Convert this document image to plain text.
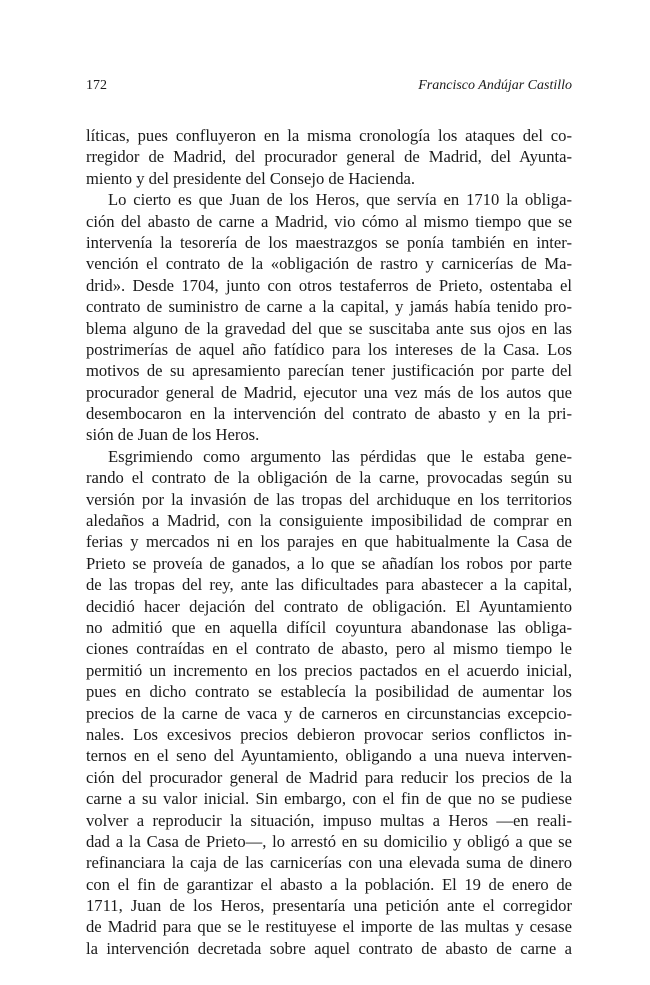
172	Francisco Andújar Castillo
líticas, pues confluyeron en la misma cronología los ataques del co-
rregidor de Madrid, del procurador general de Madrid, del Ayunta-
miento y del presidente del Consejo de Hacienda.
Lo cierto es que Juan de los Heros, que servía en 1710 la obliga-
ción del abasto de carne a Madrid, vio cómo al mismo tiempo que se
intervenía la tesorería de los maestrazgos se ponía también en inter-
vención el contrato de la «obligación de rastro y carnicerías de Ma-
drid». Desde 1704, junto con otros testaferros de Prieto, ostentaba el
contrato de suministro de carne a la capital, y jamás había tenido pro-
blema alguno de la gravedad del que se suscitaba ante sus ojos en las
postrimerías de aquel año fatídico para los intereses de la Casa. Los
motivos de su apresamiento parecían tener justificación por parte del
procurador general de Madrid, ejecutor una vez más de los autos que
desembocaron en la intervención del contrato de abasto y en la pri-
sión de Juan de los Heros.
Esgrimiendo como argumento las pérdidas que le estaba gene-
rando el contrato de la obligación de la carne, provocadas según su
versión por la invasión de las tropas del archiduque en los territorios
aledaños a Madrid, con la consiguiente imposibilidad de comprar en
ferias y mercados ni en los parajes en que habitualmente la Casa de
Prieto se proveía de ganados, a lo que se añadían los robos por parte
de las tropas del rey, ante las dificultades para abastecer a la capital,
decidió hacer dejación del contrato de obligación. El Ayuntamiento
no admitió que en aquella difícil coyuntura abandonase las obliga-
ciones contraídas en el contrato de abasto, pero al mismo tiempo le
permitió un incremento en los precios pactados en el acuerdo inicial,
pues en dicho contrato se establecía la posibilidad de aumentar los
precios de la carne de vaca y de carneros en circunstancias excepcio-
nales. Los excesivos precios debieron provocar serios conflictos in-
ternos en el seno del Ayuntamiento, obligando a una nueva interven-
ción del procurador general de Madrid para reducir los precios de la
carne a su valor inicial. Sin embargo, con el fin de que no se pudiese
volver a reproducir la situación, impuso multas a Heros —en reali-
dad a la Casa de Prieto—, lo arrestó en su domicilio y obligó a que se
refinanciara la caja de las carnicerías con una elevada suma de dinero
con el fin de garantizar el abasto a la población. El 19 de enero de
1711, Juan de los Heros, presentaría una petición ante el corregidor
de Madrid para que se le restituyese el importe de las multas y cesase
la intervención decretada sobre aquel contrato de abasto de carne a
